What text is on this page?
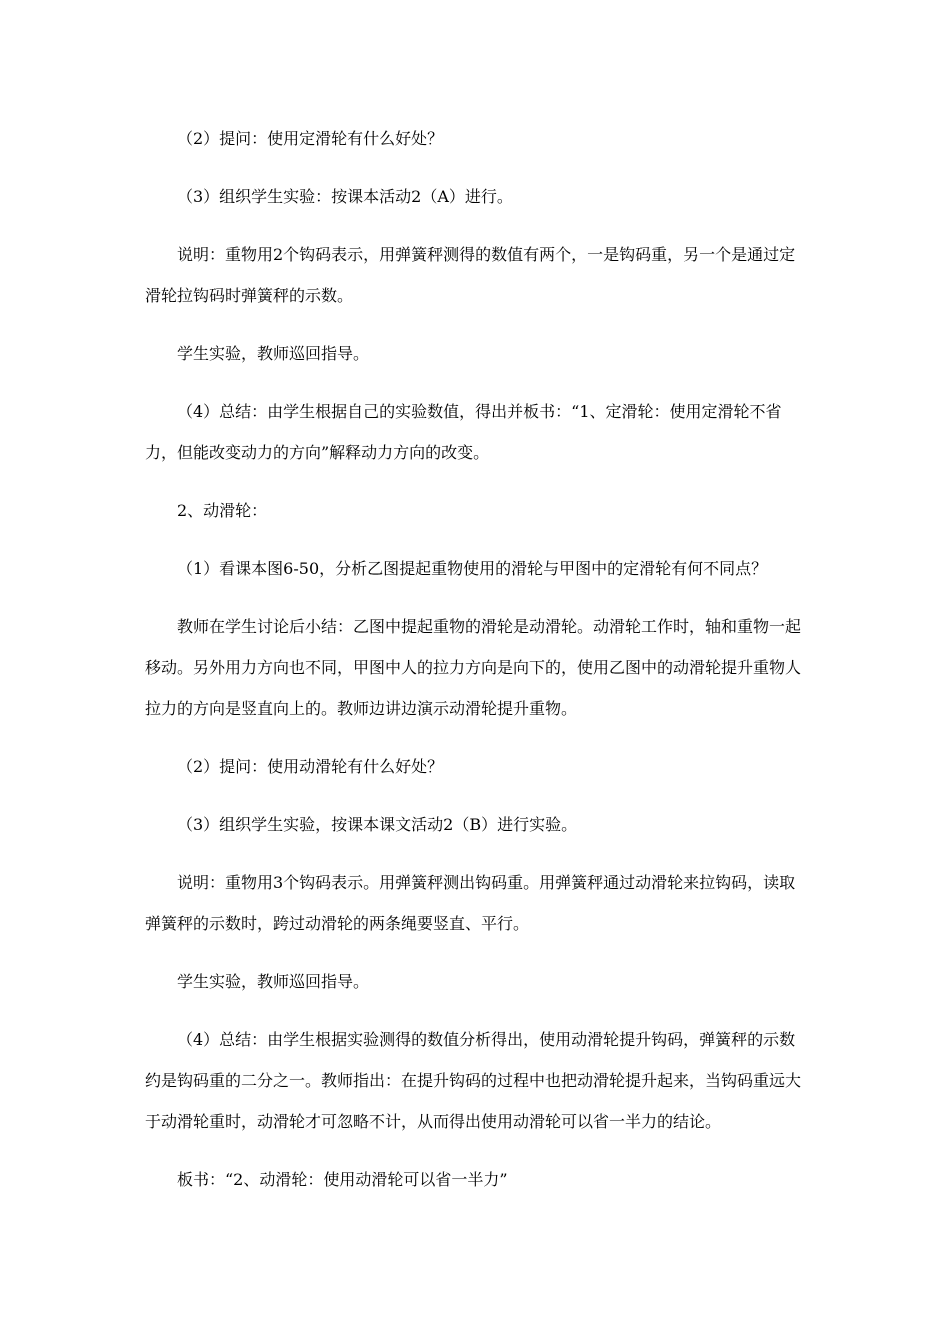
（2）提问：使用定滑轮有什么好处？

（3）组织学生实验：按课本活动2（A）进行。

说明：重物用2个钩码表示，用弹簧秤测得的数值有两个，一是钩码重，另一个是通过定滑轮拉钩码时弹簧秤的示数。

学生实验，教师巡回指导。

（4）总结：由学生根据自己的实验数值，得出并板书：“1、定滑轮：使用定滑轮不省力，但能改变动力的方向”解释动力方向的改变。

2、动滑轮：

（1）看课本图6-50，分析乙图提起重物使用的滑轮与甲图中的定滑轮有何不同点？

教师在学生讨论后小结：乙图中提起重物的滑轮是动滑轮。动滑轮工作时，轴和重物一起移动。另外用力方向也不同，甲图中人的拉力方向是向下的，使用乙图中的动滑轮提升重物人拉力的方向是竖直向上的。教师边讲边演示动滑轮提升重物。

（2）提问：使用动滑轮有什么好处？

（3）组织学生实验，按课本课文活动2（B）进行实验。

说明：重物用3个钩码表示。用弹簧秤测出钩码重。用弹簧秤通过动滑轮来拉钩码，读取弹簧秤的示数时，跨过动滑轮的两条绳要竖直、平行。

学生实验，教师巡回指导。

（4）总结：由学生根据实验测得的数值分析得出，使用动滑轮提升钩码，弹簧秤的示数约是钩码重的二分之一。教师指出：在提升钩码的过程中也把动滑轮提升起来，当钩码重远大于动滑轮重时，动滑轮才可忽略不计，从而得出使用动滑轮可以省一半力的结论。

板书：“2、动滑轮：使用动滑轮可以省一半力”
